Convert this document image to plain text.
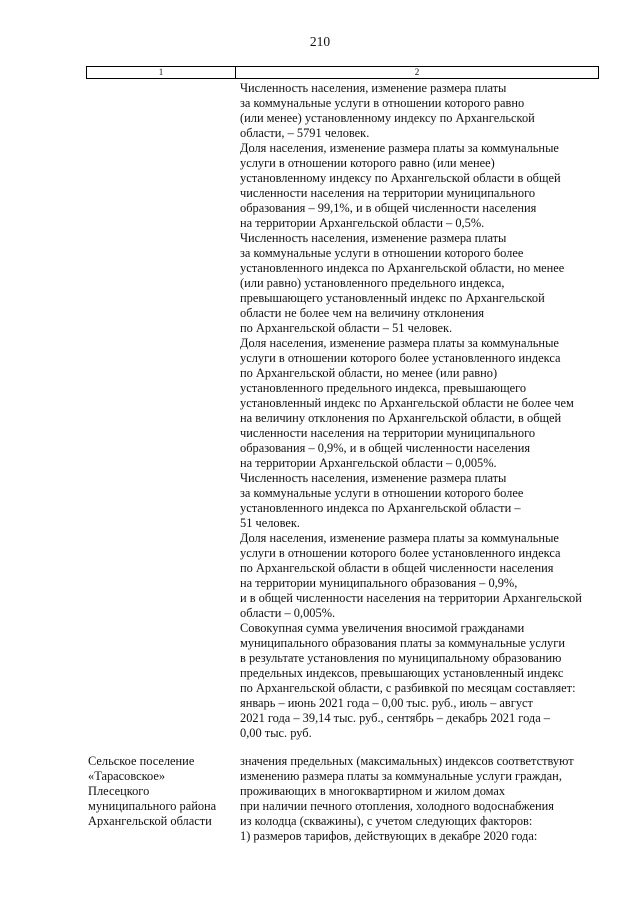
210
1	2
Численность населения, изменение размера платы
за коммунальные услуги в отношении которого равно
(или менее) установленному индексу по Архангельской
области, – 5791 человек.
Доля населения, изменение размера платы за коммунальные
услуги в отношении которого равно (или менее)
установленному индексу по Архангельской области в общей
численности населения на территории муниципального
образования – 99,1%, и в общей численности населения
на территории Архангельской области – 0,5%.
Численность населения, изменение размера платы
за коммунальные услуги в отношении которого более
установленного индекса по Архангельской области, но менее
(или равно) установленного предельного индекса,
превышающего установленный индекс по Архангельской
области не более чем на величину отклонения
по Архангельской области – 51 человек.
Доля населения, изменение размера платы за коммунальные
услуги в отношении которого более установленного индекса
по Архангельской области, но менее (или равно)
установленного предельного индекса, превышающего
установленный индекс по Архангельской области не более чем
на величину отклонения по Архангельской области, в общей
численности населения на территории муниципального
образования – 0,9%, и в общей численности населения
на территории Архангельской области – 0,005%.
Численность населения, изменение размера платы
за коммунальные услуги в отношении которого более
установленного индекса по Архангельской области –
51 человек.
Доля населения, изменение размера платы за коммунальные
услуги в отношении которого более установленного индекса
по Архангельской области в общей численности населения
на территории муниципального образования – 0,9%,
и в общей численности населения на территории Архангельской
области – 0,005%.
Совокупная сумма увеличения вносимой гражданами
муниципального образования платы за коммунальные услуги
в результате установления по муниципальному образованию
предельных индексов, превышающих установленный индекс
по Архангельской области, с разбивкой по месяцам составляет:
январь – июнь 2021 года – 0,00 тыс. руб., июль – август
2021 года – 39,14 тыс. руб., сентябрь – декабрь 2021 года –
0,00 тыс. руб.
Сельское поселение
«Тарасовское»
Плесецкого
муниципального района
Архангельской области
значения предельных (максимальных) индексов соответствуют
изменению размера платы за коммунальные услуги граждан,
проживающих в многоквартирном и жилом домах
при наличии печного отопления, холодного водоснабжения
из колодца (скважины), с учетом следующих факторов:
1) размеров тарифов, действующих в декабре 2020 года:
